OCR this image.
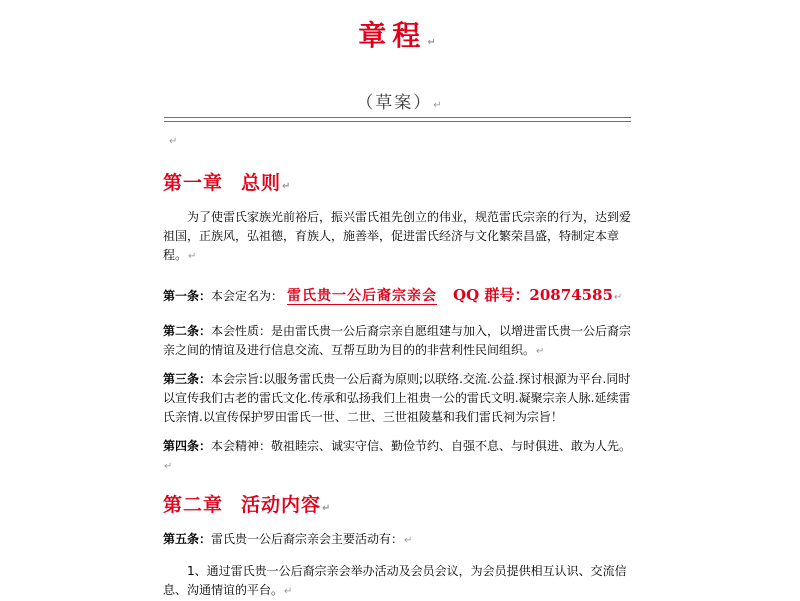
章程↵
（草案）↵
↵
第一章 总则↵
为了使雷氏家族光前裕后，振兴雷氏祖先创立的伟业，规范雷氏宗亲的行为，达到爱祖国，正族风，弘祖德，育族人，施善举，促进雷氏经济与文化繁荣昌盛，特制定本章程。↵
第一条：本会定名为： 雷氏贵一公后裔宗亲会 QQ 群号：20874585↵
第二条：本会性质：是由雷氏贵一公后裔宗亲自愿组建与加入，以增进雷氏贵一公后裔宗亲之间的情谊及进行信息交流、互帮互助为目的的非营利性民间组织。↵
第三条：本会宗旨:以服务雷氏贵一公后裔为原则;以联络.交流.公益.探讨根源为平台.同时以宣传我们古老的雷氏文化.传承和弘扬我们上祖贵一公的雷氏文明.凝聚宗亲人脉.延续雷氏亲情.以宣传保护罗田雷氏一世、二世、三世祖陵墓和我们雷氏祠为宗旨！
第四条：本会精神：敬祖睦宗、诚实守信、勤俭节约、自强不息、与时俱进、敢为人先。↵
第二章 活动内容↵
第五条：雷氏贵一公后裔宗亲会主要活动有：↵
1、通过雷氏贵一公后裔宗亲会举办活动及会员会议，为会员提供相互认识、交流信息、沟通情谊的平台。↵
